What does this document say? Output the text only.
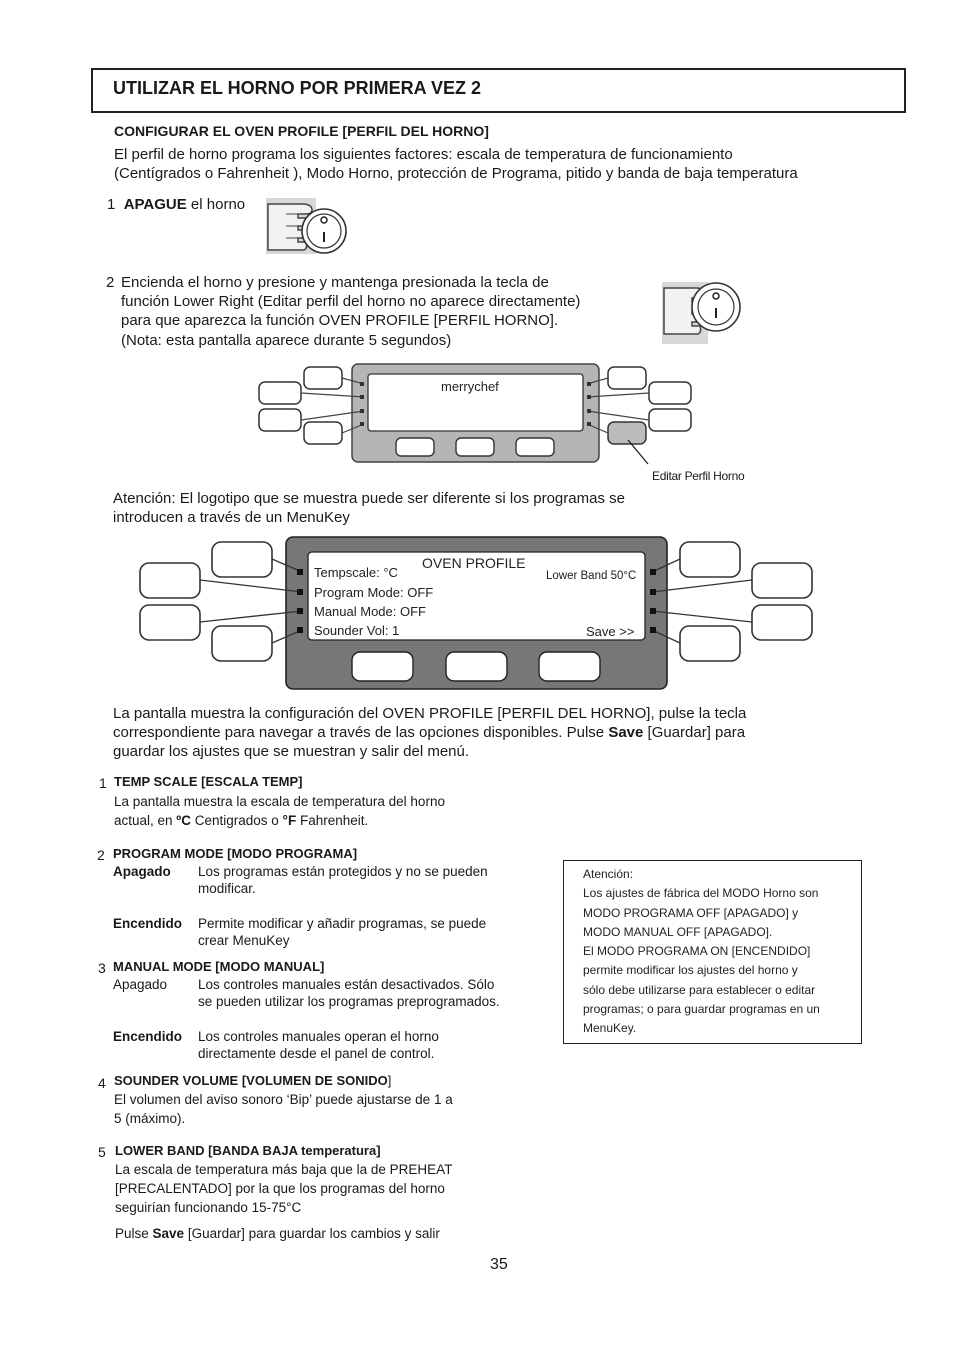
UTILIZAR EL HORNO POR PRIMERA VEZ 2
CONFIGURAR EL OVEN PROFILE [PERFIL DEL HORNO]
El perfil de horno programa los siguientes factores: escala de temperatura de funcionamiento
(Centígrados o Fahrenheit ), Modo Horno, protección de Programa, pitido y banda de baja temperatura
1 APAGUE el horno
2 Encienda el horno y presione y mantenga presionada la tecla de
función Lower Right (Editar perfil del horno no aparece directamente)
para que aparezca la función OVEN PROFILE [PERFIL HORNO].
(Nota: esta pantalla aparece durante 5 segundos)
merrychef
Editar Perfil Horno
Atención: El logotipo que se muestra puede ser diferente si los programas se
introducen a través de un MenuKey
OVEN PROFILE
Tempscale: °C
Program Mode: OFF
Manual Mode: OFF
Sounder Vol: 1
Lower Band 50°C
Save >>
La pantalla muestra la configuración del OVEN PROFILE [PERFIL DEL HORNO], pulse la tecla
correspondiente para navegar a través de las opciones disponibles. Pulse Save [Guardar] para
guardar los ajustes que se muestran y salir del menú.
1 TEMP SCALE [ESCALA TEMP]
La pantalla muestra la escala de temperatura del horno
actual, en ºC Centigrados o °F Fahrenheit.
2 PROGRAM MODE [MODO PROGRAMA]
Apagado Los programas están protegidos y no se pueden
modificar.
Encendido Permite modificar y añadir programas, se puede
crear MenuKey
3 MANUAL MODE [MODO MANUAL]
Apagado Los controles manuales están desactivados. Sólo
se pueden utilizar los programas preprogramados.
Encendido Los controles manuales operan el horno
directamente desde el panel de control.
4 SOUNDER VOLUME [VOLUMEN DE SONIDO]
El volumen del aviso sonoro ‘Bip’ puede ajustarse de 1 a
5 (máximo).
5 LOWER BAND [BANDA BAJA temperatura]
La escala de temperatura más baja que la de PREHEAT
[PRECALENTADO] por la que los programas del horno
seguirían funcionando 15-75°C
Pulse Save [Guardar] para guardar los cambios y salir
Atención:
Los ajustes de fábrica del MODO Horno son
MODO PROGRAMA OFF [APAGADO] y
MODO MANUAL OFF [APAGADO].
El MODO PROGRAMA ON [ENCENDIDO]
permite modificar los ajustes del horno y
sólo debe utilizarse para establecer o editar
programas; o para guardar programas en un
MenuKey.
35
